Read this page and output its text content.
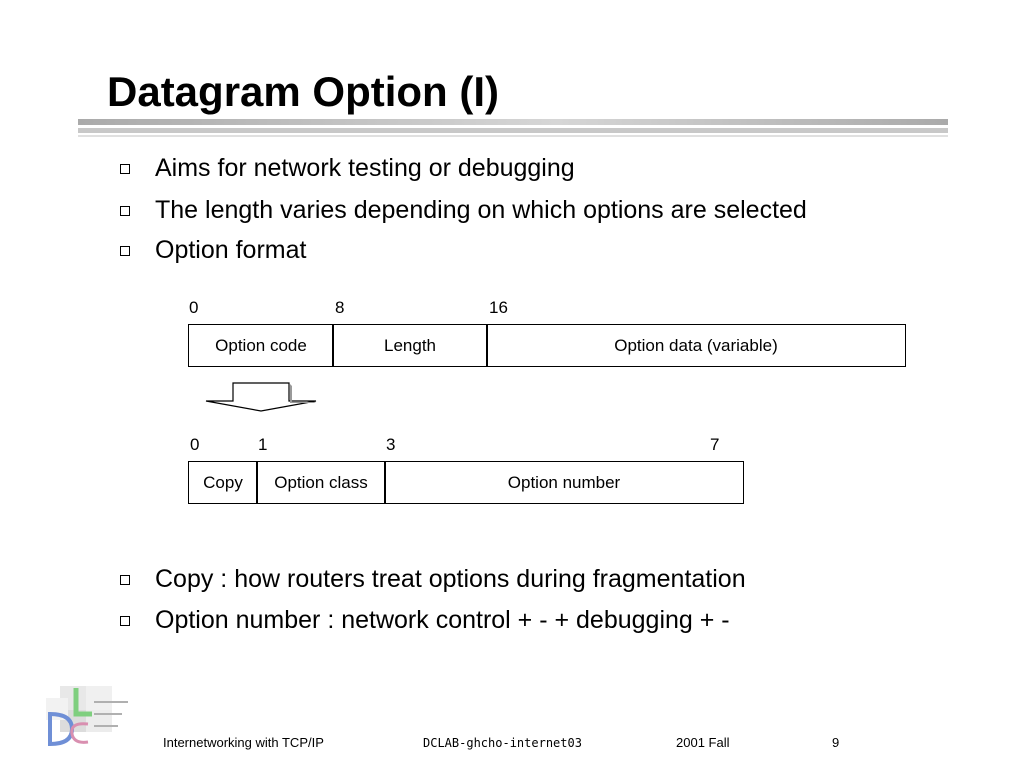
Datagram Option (I)
Aims for network testing or debugging
The length varies depending on which options are selected
Option format
0	8	16
Option code	Length	Option data (variable)
0	1	3	7
Copy	Option class	Option number
Copy : how routers treat options during fragmentation
Option number : network control + - + debugging + -
Internetworking with TCP/IP	DCLAB-ghcho-internet03	2001 Fall	9
